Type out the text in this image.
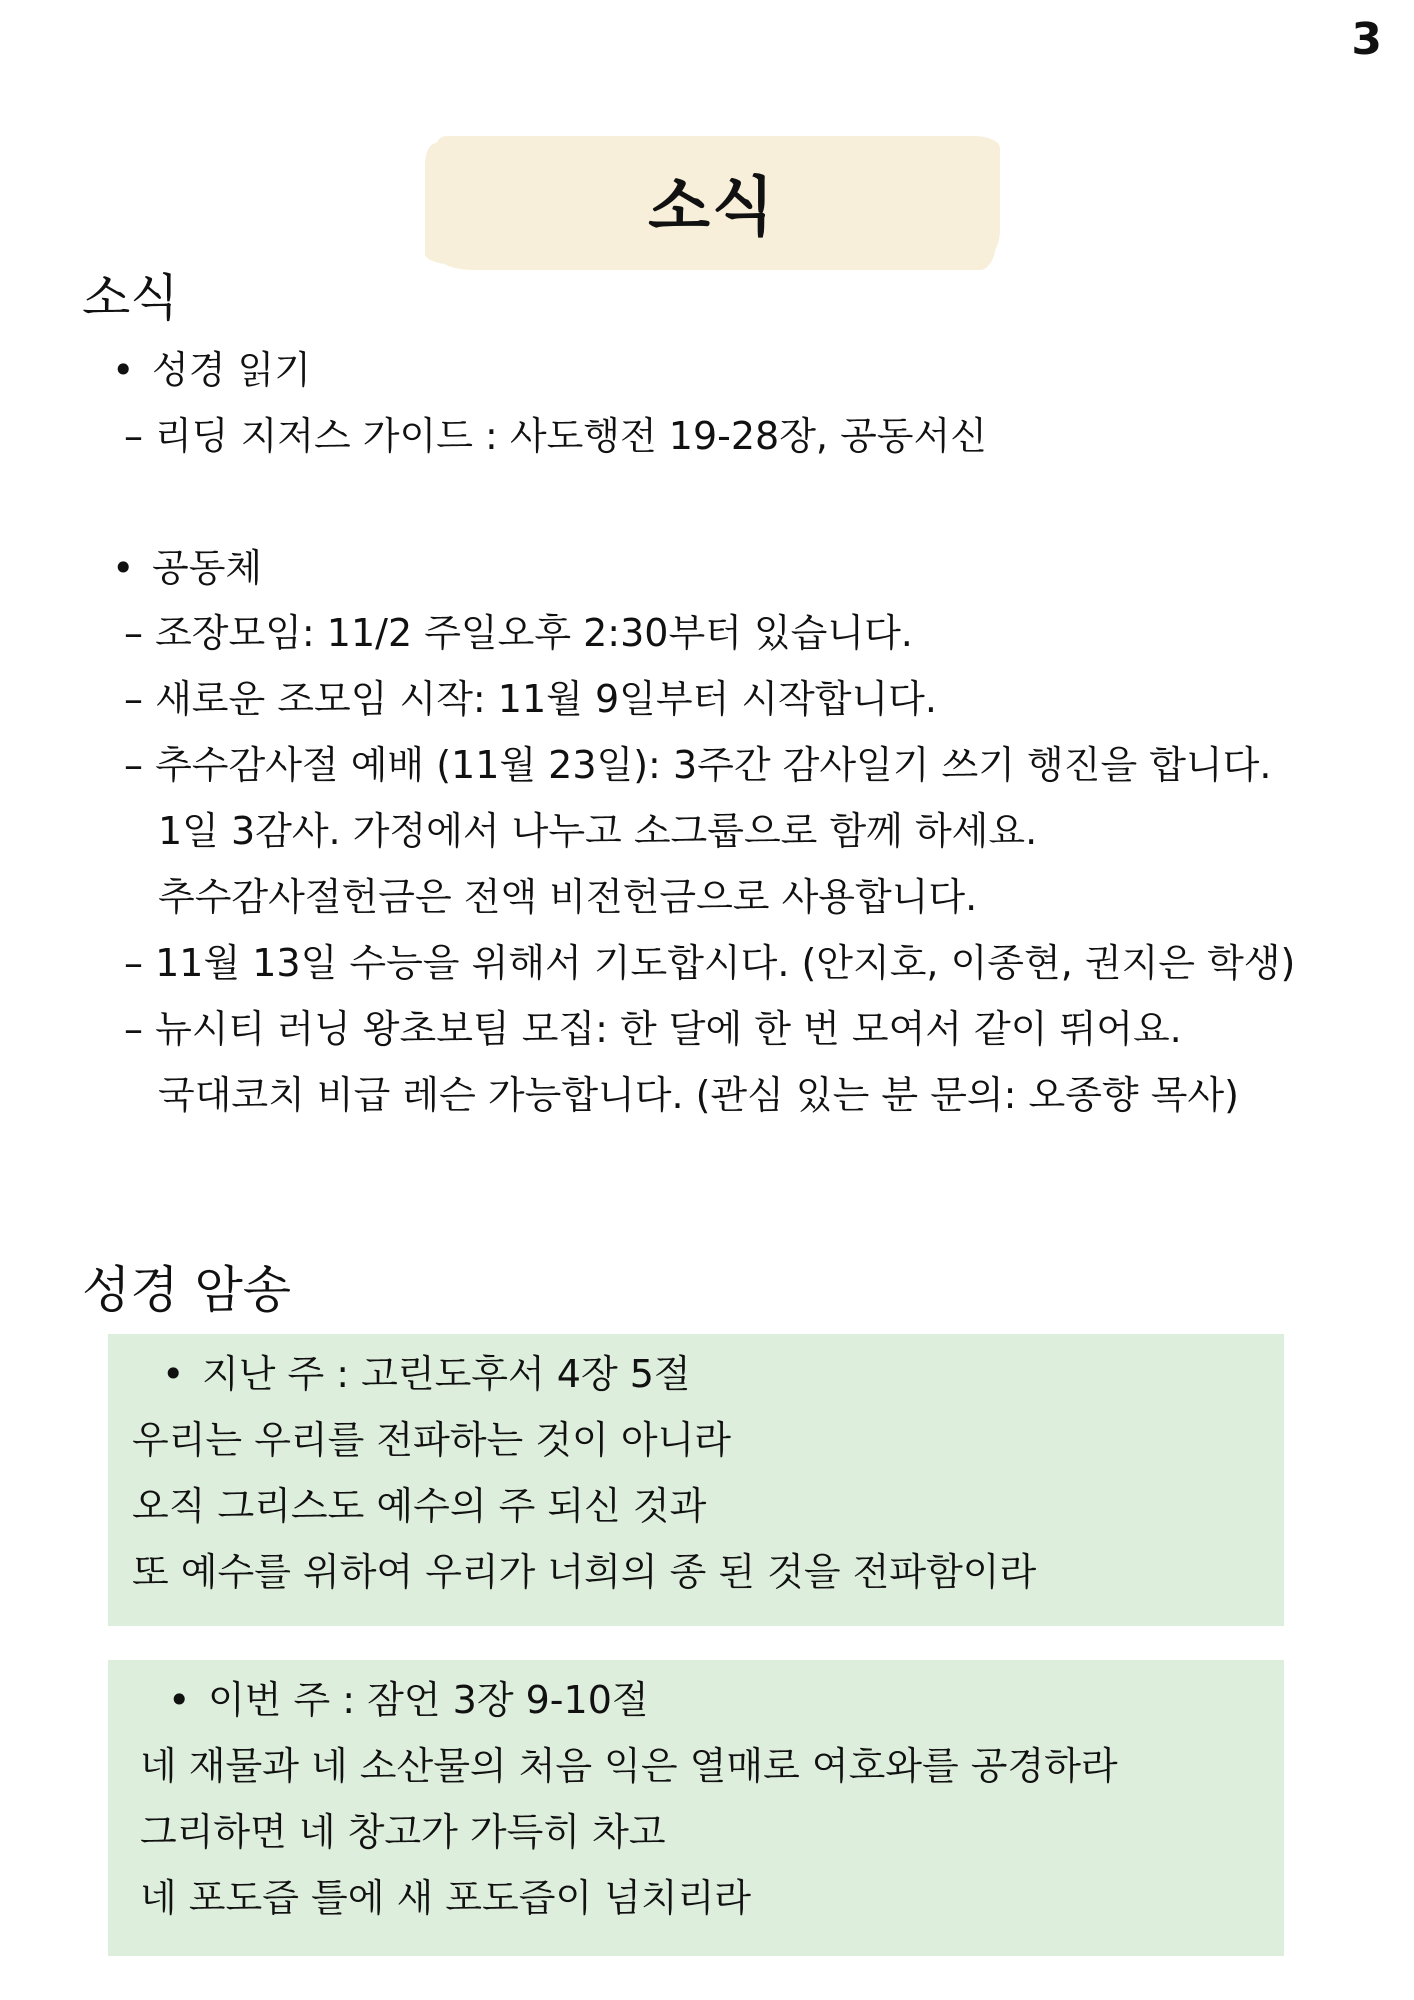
3
소식
소식
• 성경 읽기
– 리딩 지저스 가이드 : 사도행전 19-28장, 공동서신
• 공동체
– 조장모임: 11/2 주일오후 2:30부터 있습니다.
– 새로운 조모임 시작: 11월 9일부터 시작합니다.
– 추수감사절 예배 (11월 23일): 3주간 감사일기 쓰기 행진을 합니다.
1일 3감사. 가정에서 나누고 소그룹으로 함께 하세요.
추수감사절헌금은 전액 비전헌금으로 사용합니다.
– 11월 13일 수능을 위해서 기도합시다. (안지호, 이종현, 권지은 학생)
– 뉴시티 러닝 왕초보팀 모집: 한 달에 한 번 모여서 같이 뛰어요.
국대코치 비급 레슨 가능합니다. (관심 있는 분 문의: 오종향 목사)
성경 암송
• 지난 주 : 고린도후서 4장 5절
우리는 우리를 전파하는 것이 아니라
오직 그리스도 예수의 주 되신 것과
또 예수를 위하여 우리가 너희의 종 된 것을 전파함이라
• 이번 주 : 잠언 3장 9-10절
네 재물과 네 소산물의 처음 익은 열매로 여호와를 공경하라
그리하면 네 창고가 가득히 차고
네 포도즙 틀에 새 포도즙이 넘치리라
